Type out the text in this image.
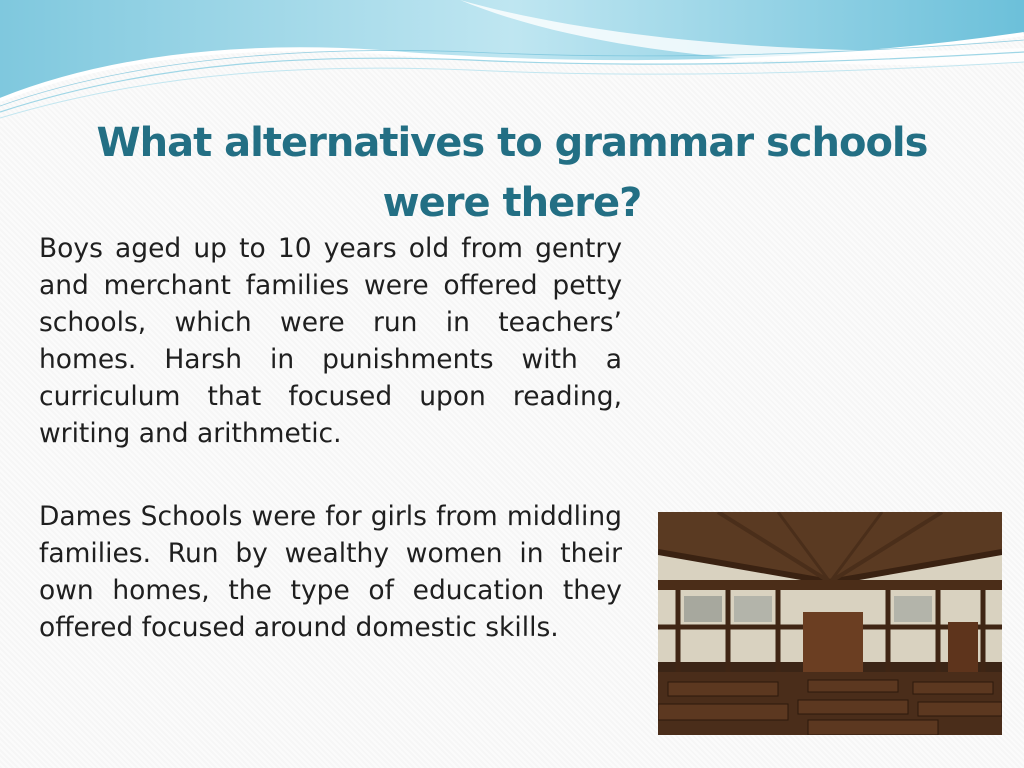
What alternatives to grammar schools were there?

Boys aged up to 10 years old from gentry and merchant families were offered petty schools, which were run in teachers’ homes. Harsh in punishments with a curriculum that focused upon reading, writing and arithmetic.

Dames Schools were for girls from middling families. Run by wealthy women in their own homes, the type of education they offered focused around domestic skills.
